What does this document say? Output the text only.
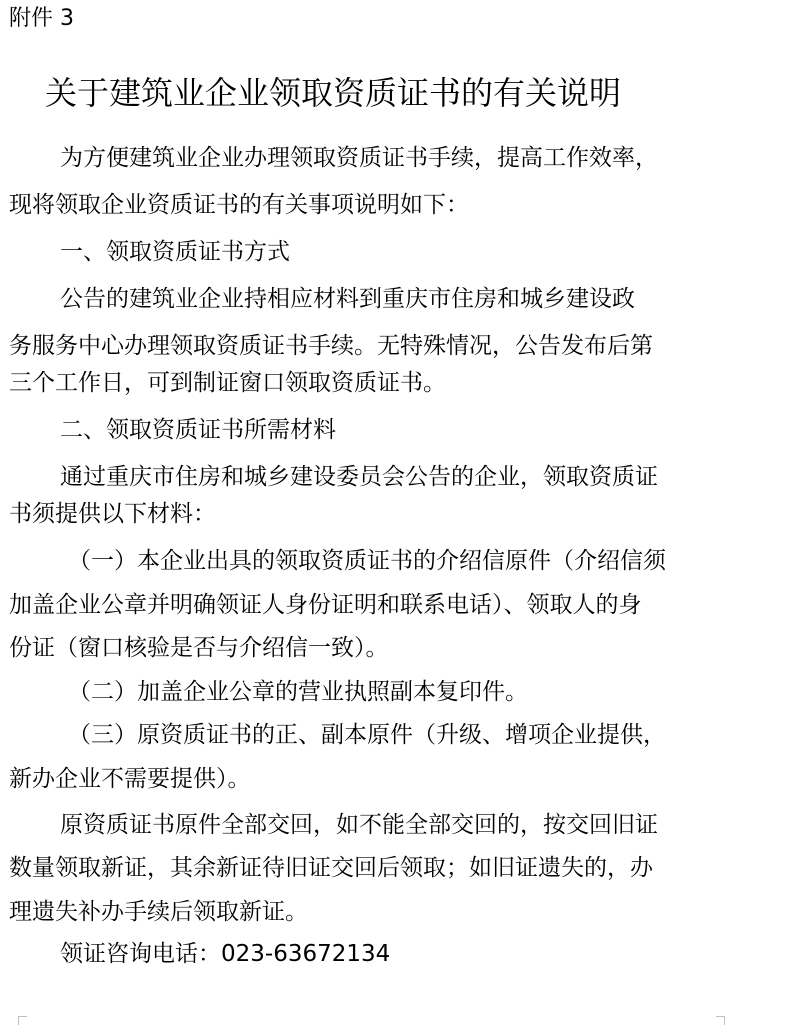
附件 3
关于建筑业企业领取资质证书的有关说明
为方便建筑业企业办理领取资质证书手续，提高工作效率，
现将领取企业资质证书的有关事项说明如下：
一、领取资质证书方式
公告的建筑业企业持相应材料到重庆市住房和城乡建设政
务服务中心办理领取资质证书手续。无特殊情况，公告发布后第
三个工作日，可到制证窗口领取资质证书。
二、领取资质证书所需材料
通过重庆市住房和城乡建设委员会公告的企业，领取资质证
书须提供以下材料：
（一）本企业出具的领取资质证书的介绍信原件（介绍信须
加盖企业公章并明确领证人身份证明和联系电话）、领取人的身
份证（窗口核验是否与介绍信一致）。
（二）加盖企业公章的营业执照副本复印件。
（三）原资质证书的正、副本原件（升级、增项企业提供，
新办企业不需要提供）。
原资质证书原件全部交回，如不能全部交回的，按交回旧证
数量领取新证，其余新证待旧证交回后领取；如旧证遗失的，办
理遗失补办手续后领取新证。
领证咨询电话：023-63672134
